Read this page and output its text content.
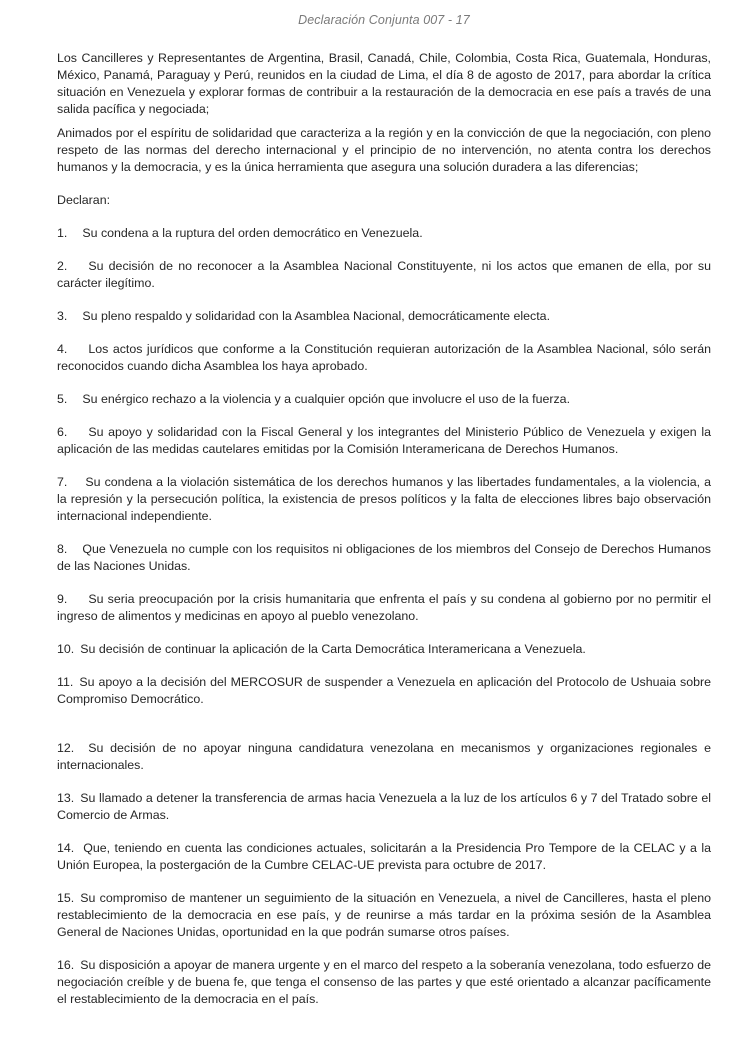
Declaración Conjunta 007 - 17

Los Cancilleres y Representantes de Argentina, Brasil, Canadá, Chile, Colombia, Costa Rica, Guatemala, Honduras, México, Panamá, Paraguay y Perú, reunidos en la ciudad de Lima, el día 8 de agosto de 2017, para abordar la crítica situación en Venezuela y explorar formas de contribuir a la restauración de la democracia en ese país a través de una salida pacífica y negociada;

Animados por el espíritu de solidaridad que caracteriza a la región y en la convicción de que la negociación, con pleno respeto de las normas del derecho internacional y el principio de no intervención, no atenta contra los derechos humanos y la democracia, y es la única herramienta que asegura una solución duradera a las diferencias;

Declaran:

1. Su condena a la ruptura del orden democrático en Venezuela.

2. Su decisión de no reconocer a la Asamblea Nacional Constituyente, ni los actos que emanen de ella, por su carácter ilegítimo.

3. Su pleno respaldo y solidaridad con la Asamblea Nacional, democráticamente electa.

4. Los actos jurídicos que conforme a la Constitución requieran autorización de la Asamblea Nacional, sólo serán reconocidos cuando dicha Asamblea los haya aprobado.

5. Su enérgico rechazo a la violencia y a cualquier opción que involucre el uso de la fuerza.

6. Su apoyo y solidaridad con la Fiscal General y los integrantes del Ministerio Público de Venezuela y exigen la aplicación de las medidas cautelares emitidas por la Comisión Interamericana de Derechos Humanos.

7. Su condena a la violación sistemática de los derechos humanos y las libertades fundamentales, a la violencia, a la represión y la persecución política, la existencia de presos políticos y la falta de elecciones libres bajo observación internacional independiente.

8. Que Venezuela no cumple con los requisitos ni obligaciones de los miembros del Consejo de Derechos Humanos de las Naciones Unidas.

9. Su seria preocupación por la crisis humanitaria que enfrenta el país y su condena al gobierno por no permitir el ingreso de alimentos y medicinas en apoyo al pueblo venezolano.

10. Su decisión de continuar la aplicación de la Carta Democrática Interamericana a Venezuela.

11. Su apoyo a la decisión del MERCOSUR de suspender a Venezuela en aplicación del Protocolo de Ushuaia sobre Compromiso Democrático.

12. Su decisión de no apoyar ninguna candidatura venezolana en mecanismos y organizaciones regionales e internacionales.

13. Su llamado a detener la transferencia de armas hacia Venezuela a la luz de los artículos 6 y 7 del Tratado sobre el Comercio de Armas.

14. Que, teniendo en cuenta las condiciones actuales, solicitarán a la Presidencia Pro Tempore de la CELAC y a la Unión Europea, la postergación de la Cumbre CELAC-UE prevista para octubre de 2017.

15. Su compromiso de mantener un seguimiento de la situación en Venezuela, a nivel de Cancilleres, hasta el pleno restablecimiento de la democracia en ese país, y de reunirse a más tardar en la próxima sesión de la Asamblea General de Naciones Unidas, oportunidad en la que podrán sumarse otros países.

16. Su disposición a apoyar de manera urgente y en el marco del respeto a la soberanía venezolana, todo esfuerzo de negociación creíble y de buena fe, que tenga el consenso de las partes y que esté orientado a alcanzar pacíficamente el restablecimiento de la democracia en el país.
